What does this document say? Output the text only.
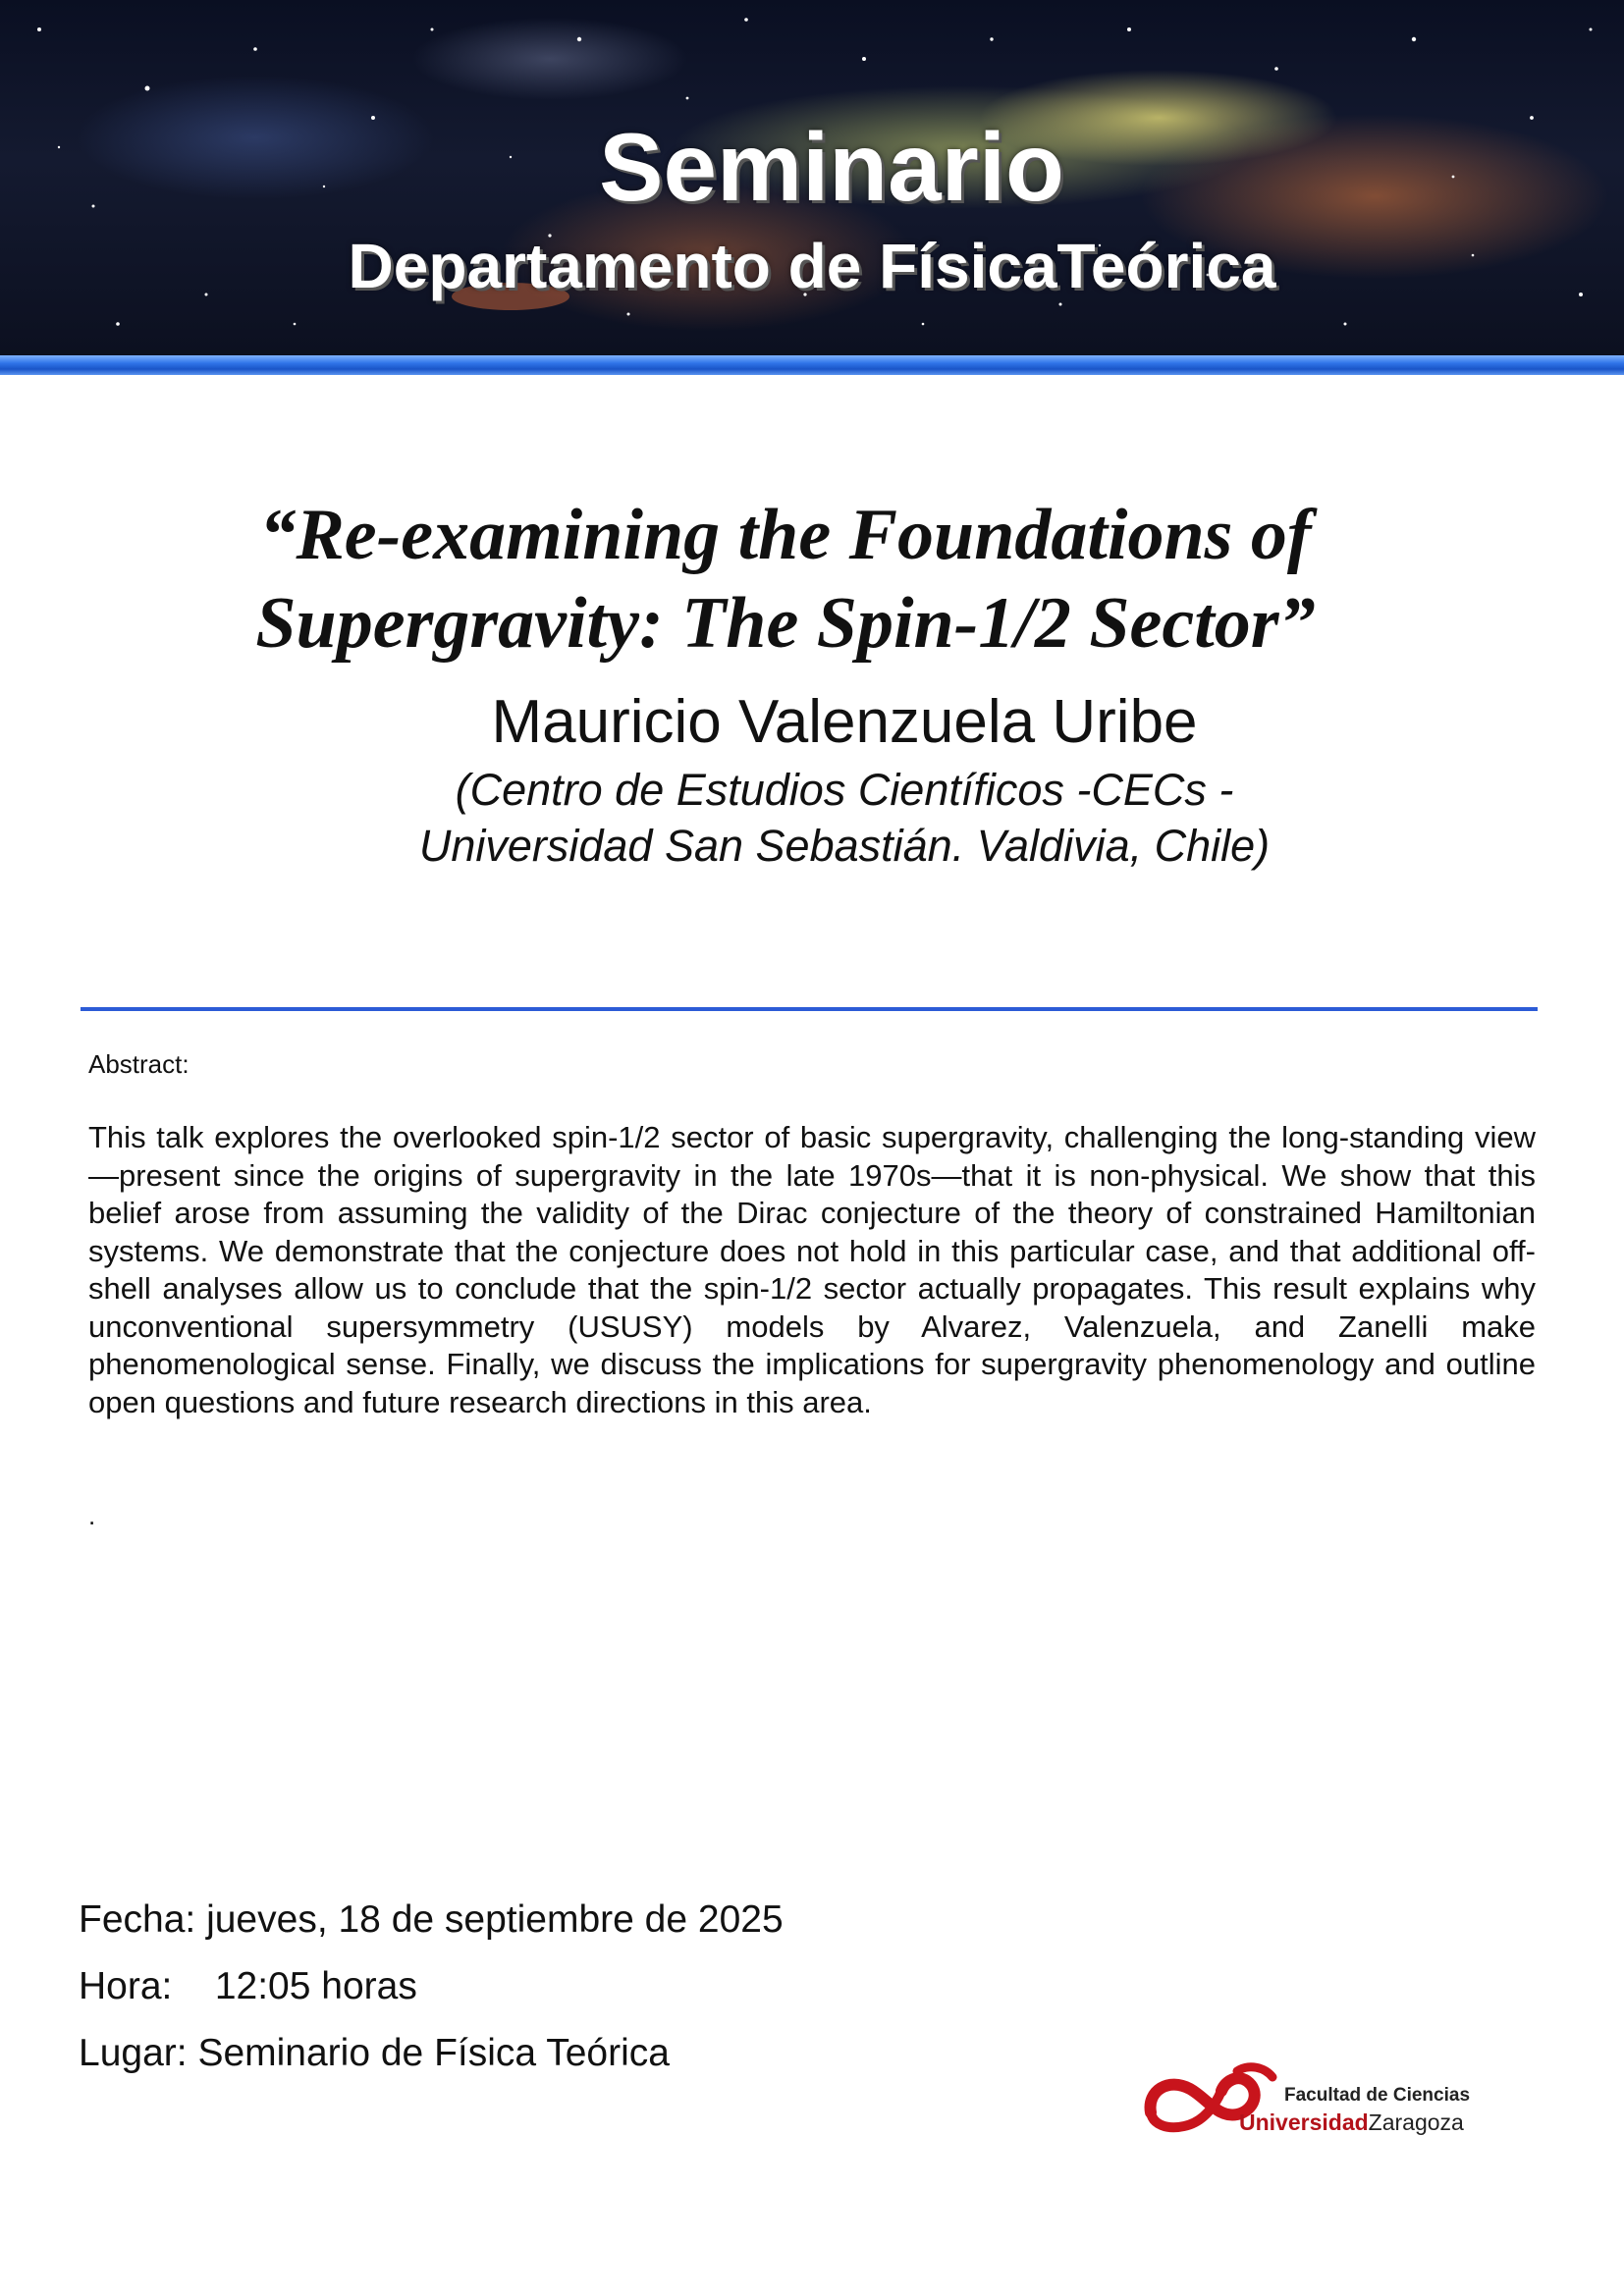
Seminario
Departamento de FísicaTeórica
“Re-examining the Foundations of
Supergravity: The Spin-1/2 Sector”
Mauricio Valenzuela Uribe
(Centro de Estudios Científicos -CECs -
Universidad San Sebastián. Valdivia, Chile)
Abstract:
This talk explores the overlooked spin-1/2 sector of basic supergravity, challenging the long-standing view—present since the origins of supergravity in the late 1970s—that it is non-physical. We show that this belief arose from assuming the validity of the Dirac conjecture of the theory of constrained Hamiltonian systems. We demonstrate that the conjecture does not hold in this particular case, and that additional off-shell analyses allow us to conclude that the spin-1/2 sector actually propagates. This result explains why unconventional supersymmetry (USUSY) models by Alvarez, Valenzuela, and Zanelli make phenomenological sense. Finally, we discuss the implications for supergravity phenomenology and outline open questions and future research directions in this area.
.
Fecha: jueves, 18 de septiembre de 2025
Hora: 12:05 horas
Lugar: Seminario de Física Teórica
Facultad de Ciencias
UniversidadZaragoza
